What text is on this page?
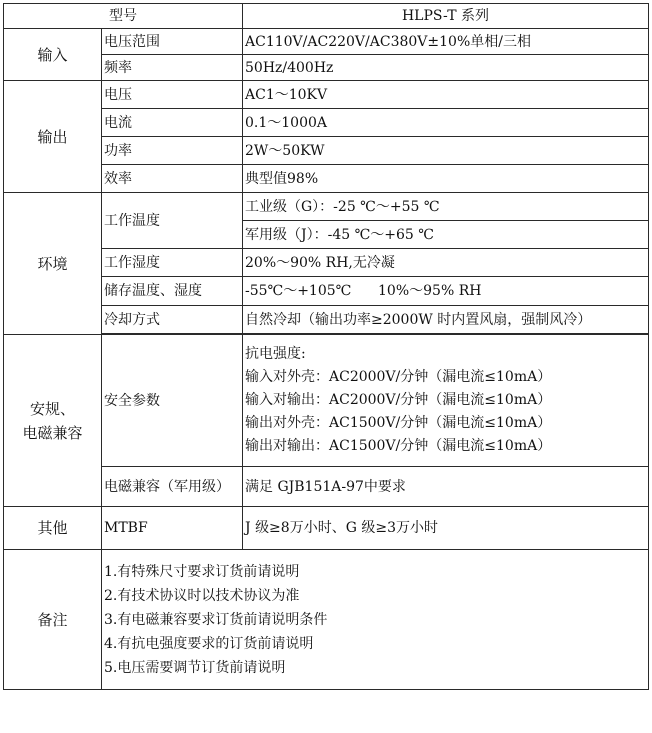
型号		HLPS-T 系列
输入	电压范围	AC110V/AC220V/AC380V±10%单相/三相
	频率	50Hz/400Hz
输出	电压	AC1～10KV
	电流	0.1～1000A
	功率	2W～50KW
	效率	典型值98%
环境	工作温度	工业级（G）：-25 ℃～+55 ℃
		军用级（J）：-45 ℃～+65 ℃
	工作湿度	20%～90% RH,无冷凝
	储存温度、湿度	-55℃～+105℃      10%～95% RH
	冷却方式	自然冷却（输出功率≥2000W 时内置风扇，强制风冷）

安规、
电磁兼容	安全参数	抗电强度:
输入对外壳：AC2000V/分钟（漏电流≤10mA）
输入对输出：AC2000V/分钟（漏电流≤10mA）
输出对外壳：AC1500V/分钟（漏电流≤10mA）
输出对输出：AC1500V/分钟（漏电流≤10mA）

	电磁兼容（军用级）	满足 GJB151A-97中要求
其他	MTBF	J 级≥8万小时、G 级≥3万小时
备注	1.有特殊尺寸要求订货前请说明
2.有技术协议时以技术协议为准
3.有电磁兼容要求订货前请说明条件
4.有抗电强度要求的订货前请说明
5.电压需要调节订货前请说明	
